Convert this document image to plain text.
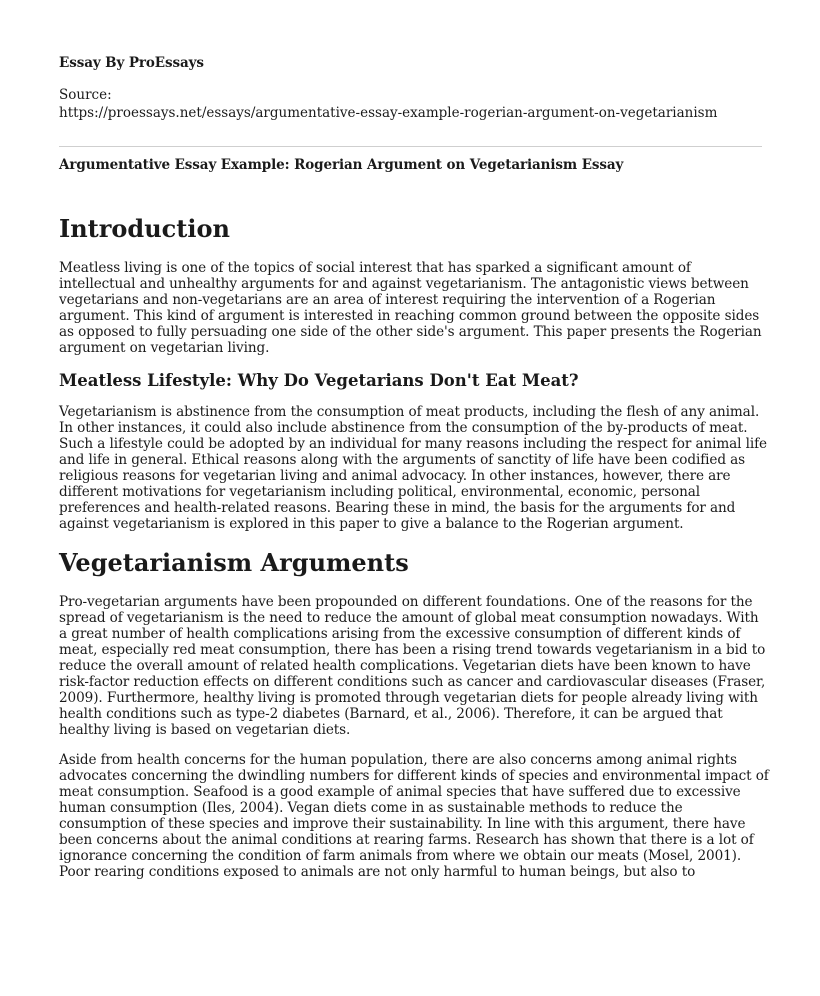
Essay By ProEssays

Source:
https://proessays.net/essays/argumentative-essay-example-rogerian-argument-on-vegetarianism

Argumentative Essay Example: Rogerian Argument on Vegetarianism Essay

Introduction

Meatless living is one of the topics of social interest that has sparked a significant amount of intellectual and unhealthy arguments for and against vegetarianism. The antagonistic views between vegetarians and non-vegetarians are an area of interest requiring the intervention of a Rogerian argument. This kind of argument is interested in reaching common ground between the opposite sides as opposed to fully persuading one side of the other side's argument. This paper presents the Rogerian argument on vegetarian living.

Meatless Lifestyle: Why Do Vegetarians Don't Eat Meat?

Vegetarianism is abstinence from the consumption of meat products, including the flesh of any animal. In other instances, it could also include abstinence from the consumption of the by-products of meat. Such a lifestyle could be adopted by an individual for many reasons including the respect for animal life and life in general. Ethical reasons along with the arguments of sanctity of life have been codified as religious reasons for vegetarian living and animal advocacy. In other instances, however, there are different motivations for vegetarianism including political, environmental, economic, personal preferences and health-related reasons. Bearing these in mind, the basis for the arguments for and against vegetarianism is explored in this paper to give a balance to the Rogerian argument.

Vegetarianism Arguments

Pro-vegetarian arguments have been propounded on different foundations. One of the reasons for the spread of vegetarianism is the need to reduce the amount of global meat consumption nowadays. With a great number of health complications arising from the excessive consumption of different kinds of meat, especially red meat consumption, there has been a rising trend towards vegetarianism in a bid to reduce the overall amount of related health complications. Vegetarian diets have been known to have risk-factor reduction effects on different conditions such as cancer and cardiovascular diseases (Fraser, 2009). Furthermore, healthy living is promoted through vegetarian diets for people already living with health conditions such as type-2 diabetes (Barnard, et al., 2006). Therefore, it can be argued that healthy living is based on vegetarian diets.

Aside from health concerns for the human population, there are also concerns among animal rights advocates concerning the dwindling numbers for different kinds of species and environmental impact of meat consumption. Seafood is a good example of animal species that have suffered due to excessive human consumption (Iles, 2004). Vegan diets come in as sustainable methods to reduce the consumption of these species and improve their sustainability. In line with this argument, there have been concerns about the animal conditions at rearing farms. Research has shown that there is a lot of ignorance concerning the condition of farm animals from where we obtain our meats (Mosel, 2001). Poor rearing conditions exposed to animals are not only harmful to human beings, but also to
